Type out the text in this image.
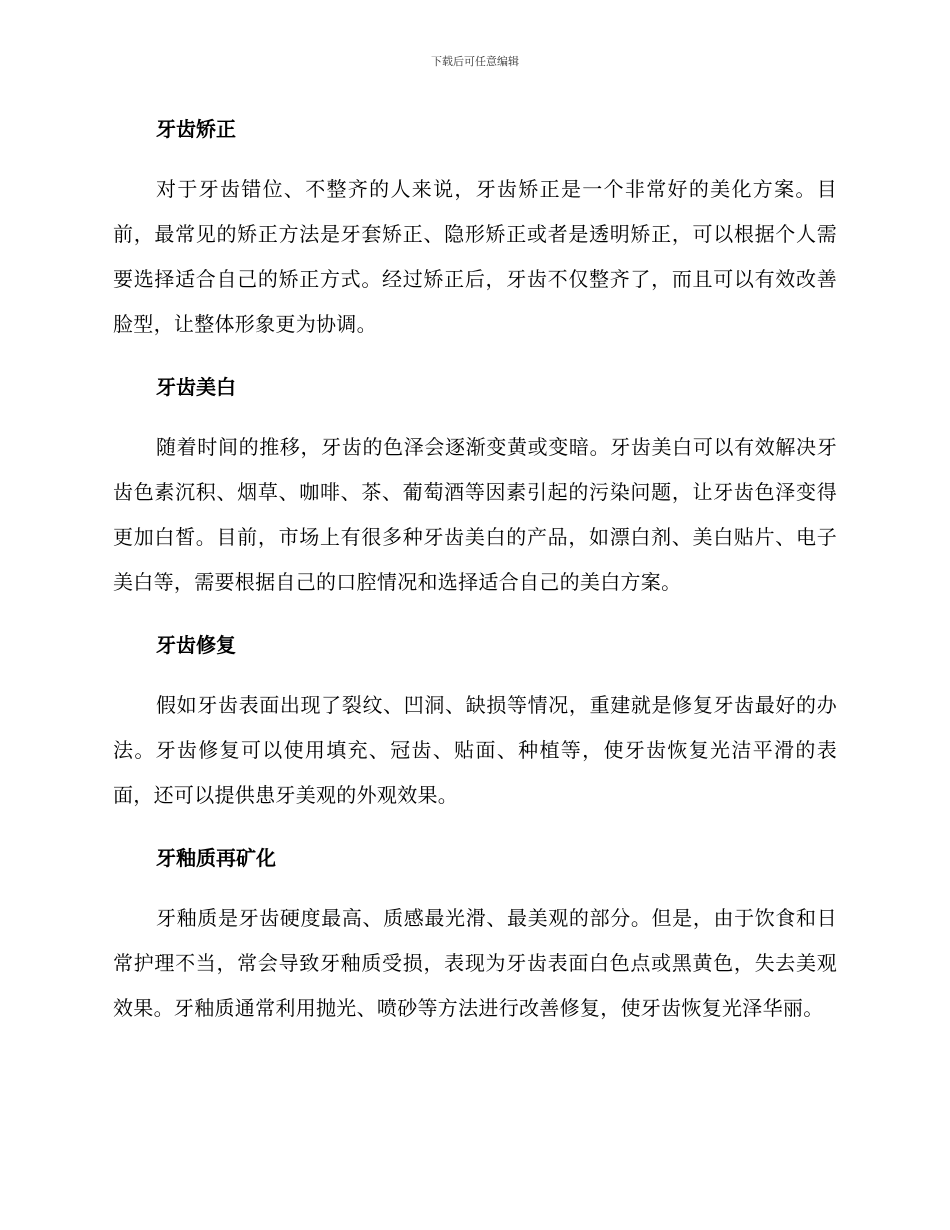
下载后可任意编辑
牙齿矫正

对于牙齿错位、不整齐的人来说，牙齿矫正是一个非常好的美化方案。目前，最常见的矫正方法是牙套矫正、隐形矫正或者是透明矫正，可以根据个人需要选择适合自己的矫正方式。经过矫正后，牙齿不仅整齐了，而且可以有效改善脸型，让整体形象更为协调。

牙齿美白

随着时间的推移，牙齿的色泽会逐渐变黄或变暗。牙齿美白可以有效解决牙齿色素沉积、烟草、咖啡、茶、葡萄酒等因素引起的污染问题，让牙齿色泽变得更加白皙。目前，市场上有很多种牙齿美白的产品，如漂白剂、美白贴片、电子美白等，需要根据自己的口腔情况和选择适合自己的美白方案。

牙齿修复

假如牙齿表面出现了裂纹、凹洞、缺损等情况，重建就是修复牙齿最好的办法。牙齿修复可以使用填充、冠齿、贴面、种植等，使牙齿恢复光洁平滑的表面，还可以提供患牙美观的外观效果。

牙釉质再矿化

牙釉质是牙齿硬度最高、质感最光滑、最美观的部分。但是，由于饮食和日常护理不当，常会导致牙釉质受损，表现为牙齿表面白色点或黑黄色，失去美观效果。牙釉质通常利用抛光、喷砂等方法进行改善修复，使牙齿恢复光泽华丽。
